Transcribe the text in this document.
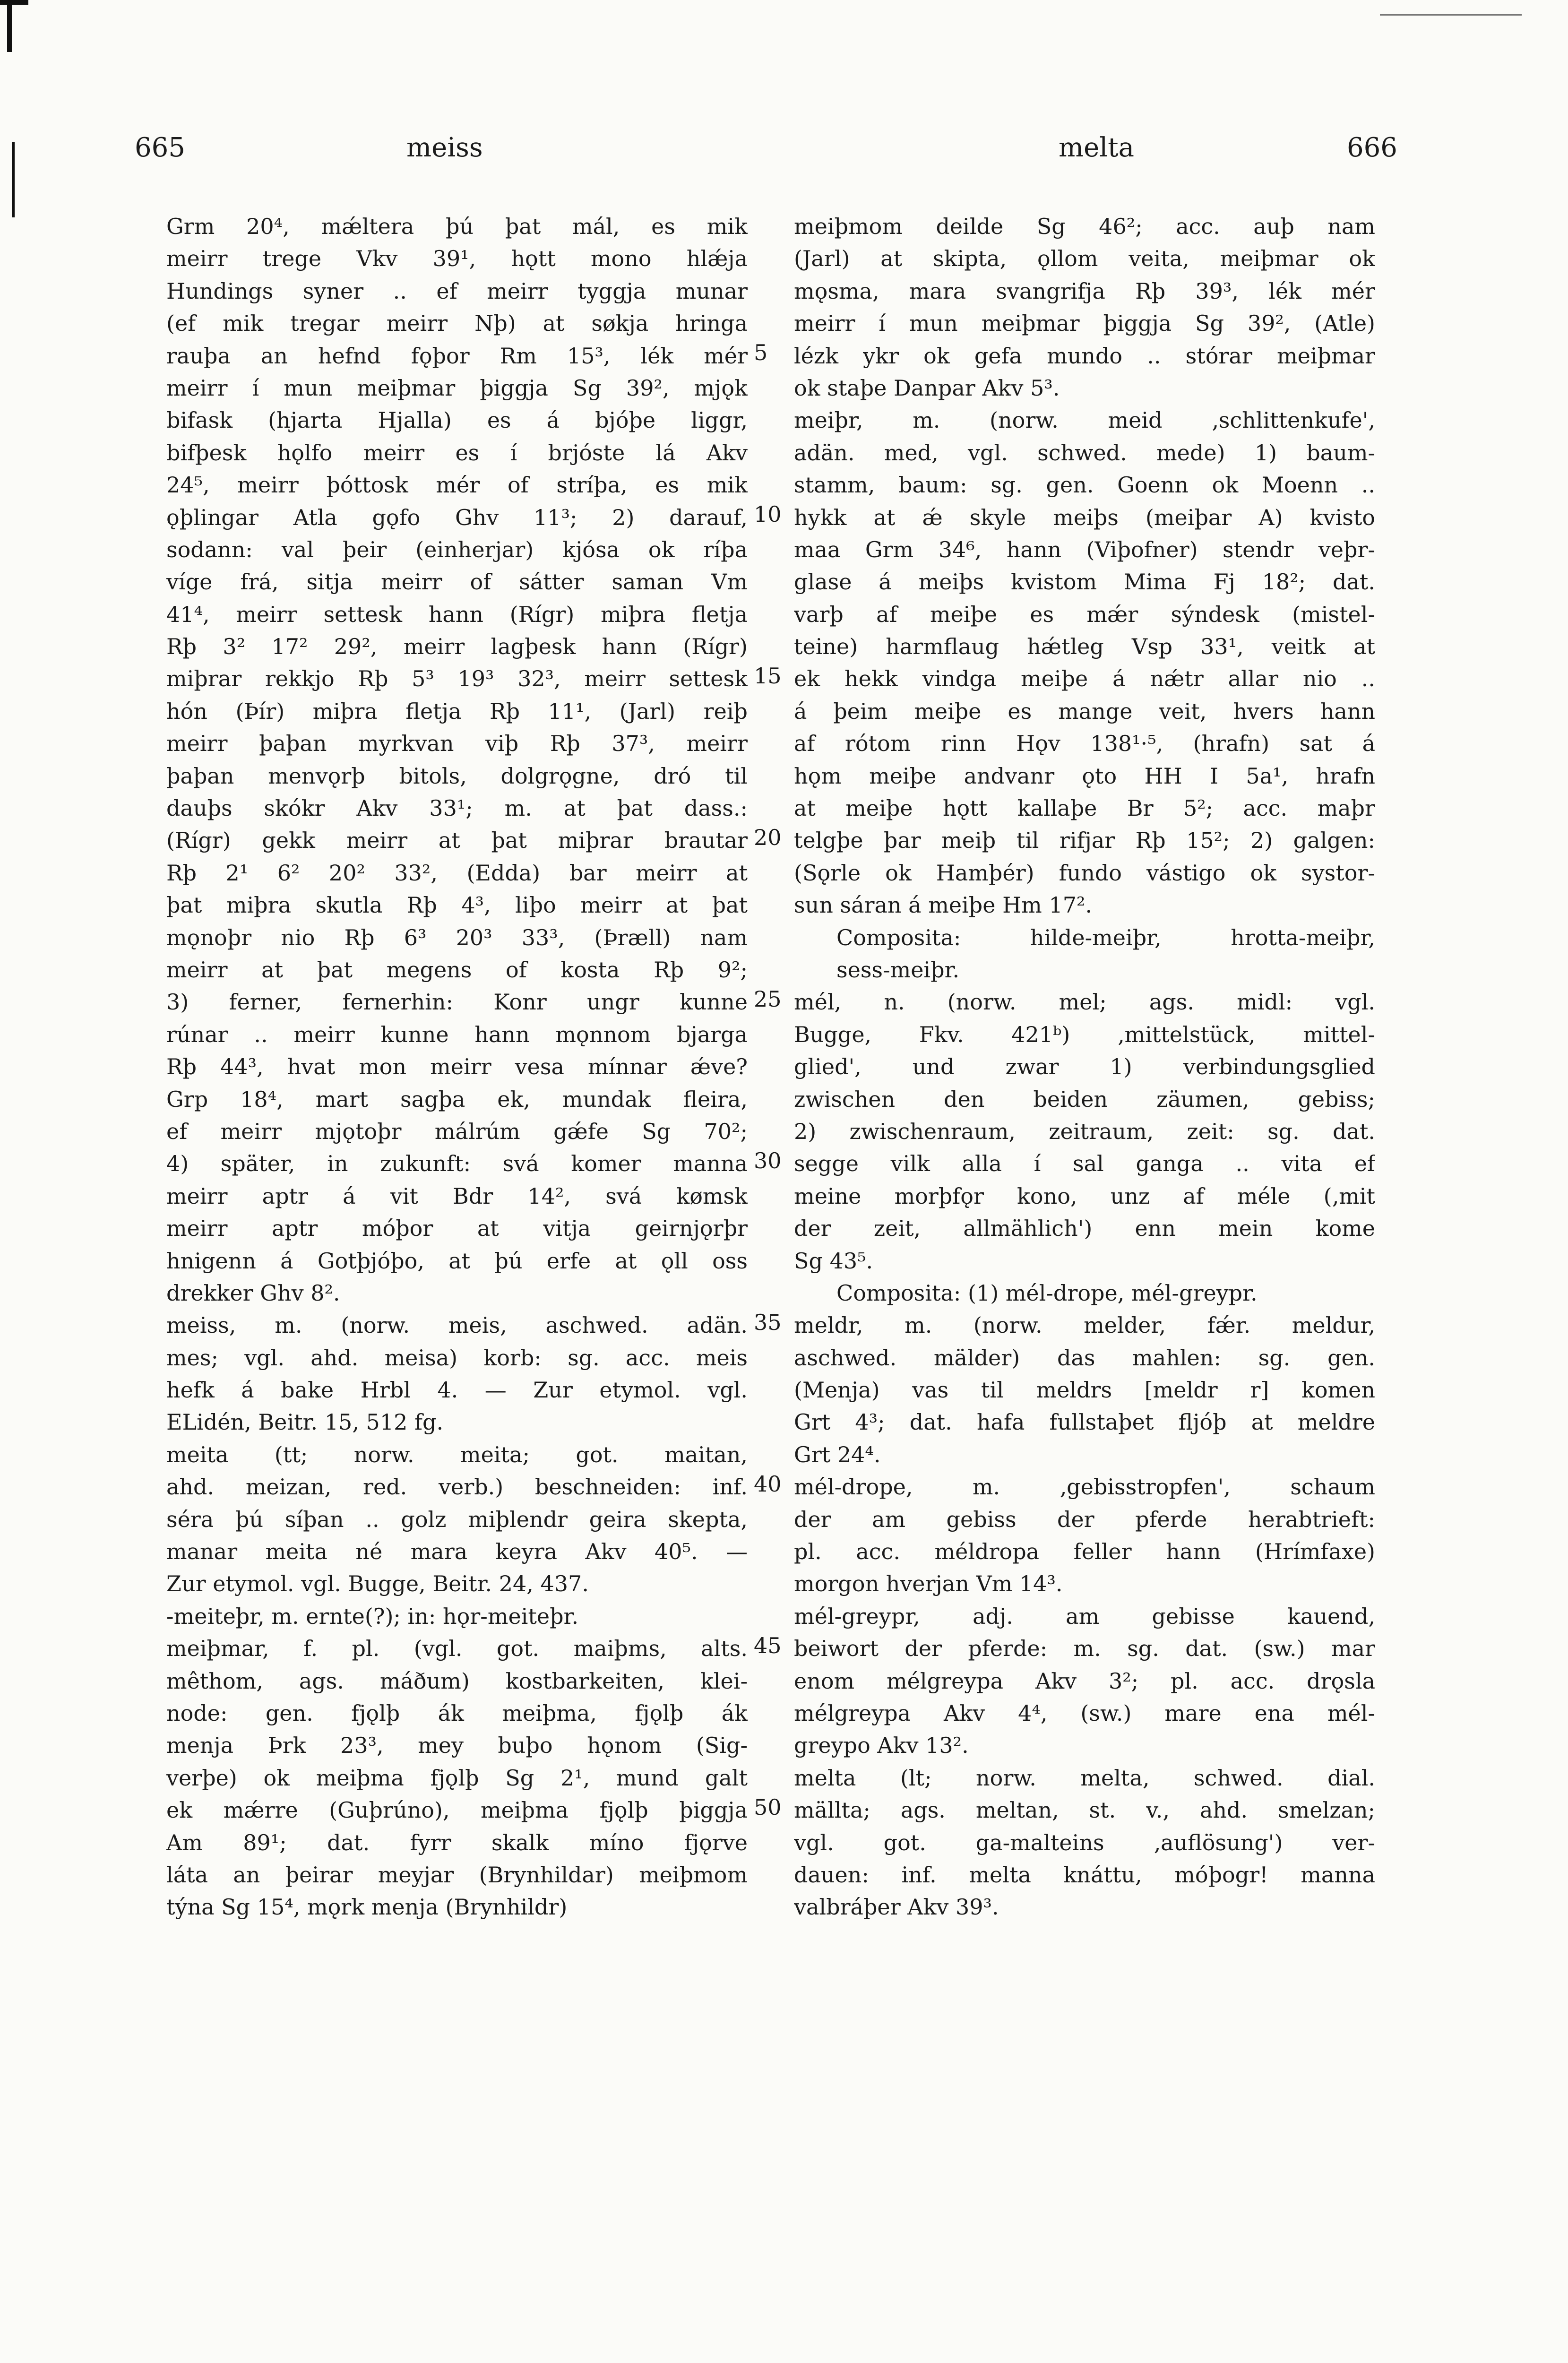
665	meiss	melta	666
Grm 20⁴, mǽltera þú þat mál, es mik
meirr trege Vkv 39¹, hǫtt mono hlǽja
Hundings syner .. ef meirr tyggja munar
(ef mik tregar meirr Nþ) at søkja hringa
rauþa an hefnd fǫþor Rm 15³, lék mér
meirr í mun meiþmar þiggja Sg 39², mjǫk
bifask (hjarta Hjalla) es á bjóþe liggr,
bifþesk hǫlfo meirr es í brjóste lá Akv
24⁵, meirr þóttosk mér of stríþa, es mik
ǫþlingar Atla gǫfo Ghv 11³; 2) darauf,
sodann: val þeir (einherjar) kjósa ok ríþa
víge frá, sitja meirr of sátter saman Vm
41⁴, meirr settesk hann (Rígr) miþra fletja
Rþ 3² 17² 29², meirr lagþesk hann (Rígr)
miþrar rekkjo Rþ 5³ 19³ 32³, meirr settesk
hón (Þír) miþra fletja Rþ 11¹, (Jarl) reiþ
meirr þaþan myrkvan viþ Rþ 37³, meirr
þaþan menvǫrþ bitols, dolgrǫgne, dró til
dauþs skókr Akv 33¹; m. at þat dass.:
(Rígr) gekk meirr at þat miþrar brautar
Rþ 2¹ 6² 20² 33², (Edda) bar meirr at
þat miþra skutla Rþ 4³, liþo meirr at þat
mǫnoþr nio Rþ 6³ 20³ 33³, (Þræll) nam
meirr at þat megens of kosta Rþ 9²;
3) ferner, fernerhin: Konr ungr kunne
rúnar .. meirr kunne hann mǫnnom bjarga
Rþ 44³, hvat mon meirr vesa mínnar ǽve?
Grp 18⁴, mart sagþa ek, mundak fleira,
ef meirr mjǫtoþr málrúm gǽfe Sg 70²;
4) später, in zukunft: svá komer manna
meirr aptr á vit Bdr 14², svá kømsk
meirr aptr móþor at vitja geirnjǫrþr
hnigenn á Gotþjóþo, at þú erfe at ǫll oss
drekker Ghv 8².
meiss, m. (norw. meis, aschwed. adän.
mes; vgl. ahd. meisa) korb: sg. acc. meis
hefk á bake Hrbl 4. — Zur etymol. vgl.
ELidén, Beitr. 15, 512 fg.
meita (tt; norw. meita; got. maitan,
ahd. meizan, red. verb.) beschneiden: inf.
séra þú síþan .. golz miþlendr geira skepta,
manar meita né mara keyra Akv 40⁵. —
Zur etymol. vgl. Bugge, Beitr. 24, 437.
-meiteþr, m. ernte(?); in: hǫr-meiteþr.
meiþmar, f. pl. (vgl. got. maiþms, alts.
mêthom, ags. máðum) kostbarkeiten, klei-
node: gen. fjǫlþ ák meiþma, fjǫlþ ák
menja Þrk 23³, mey buþo hǫnom (Sig-
verþe) ok meiþma fjǫlþ Sg 2¹, mund galt
ek mǽrre (Guþrúno), meiþma fjǫlþ þiggja
Am 89¹; dat. fyrr skalk míno fjǫrve
láta an þeirar meyjar (Brynhildar) meiþmom
týna Sg 15⁴, mǫrk menja (Brynhildr)
meiþmom deilde Sg 46²; acc. auþ nam
(Jarl) at skipta, ǫllom veita, meiþmar ok
mǫsma, mara svangrifja Rþ 39³, lék mér
meirr í mun meiþmar þiggja Sg 39², (Atle)
lézk ykr ok gefa mundo .. stórar meiþmar
ok staþe Danpar Akv 5³.
meiþr, m. (norw. meid ‚schlittenkufe',
adän. med, vgl. schwed. mede) 1) baum-
stamm, baum: sg. gen. Goenn ok Moenn ..
hykk at ǽ skyle meiþs (meiþar A) kvisto
maa Grm 34⁶, hann (Viþofner) stendr veþr-
glase á meiþs kvistom Mima Fj 18²; dat.
varþ af meiþe es mǽr sýndesk (mistel-
teine) harmflaug hǽtleg Vsp 33¹, veitk at
ek hekk vindga meiþe á nǽtr allar nio ..
á þeim meiþe es mange veit, hvers hann
af rótom rinn Hǫv 138¹·⁵, (hrafn) sat á
hǫm meiþe andvanr ǫto HH I 5a¹, hrafn
at meiþe hǫtt kallaþe Br 5²; acc. maþr
telgþe þar meiþ til rifjar Rþ 15²; 2) galgen:
(Sǫrle ok Hamþér) fundo vástigo ok systor-
sun sáran á meiþe Hm 17².
Composita: hilde-meiþr, hrotta-meiþr,
sess-meiþr.
mél, n. (norw. mel; ags. midl: vgl.
Bugge, Fkv. 421ᵇ) ‚mittelstück, mittel-
glied', und zwar 1) verbindungsglied
zwischen den beiden zäumen, gebiss;
2) zwischenraum, zeitraum, zeit: sg. dat.
segge vilk alla í sal ganga .. vita ef
meine morþfǫr kono, unz af méle (‚mit
der zeit, allmählich') enn mein kome
Sg 43⁵.
Composita: (1) mél-drope, mél-greypr.
meldr, m. (norw. melder, fǽr. meldur,
aschwed. mälder) das mahlen: sg. gen.
(Menja) vas til meldrs [meldr r] komen
Grt 4³; dat. hafa fullstaþet fljóþ at meldre
Grt 24⁴.
mél-drope, m. ‚gebisstropfen', schaum
der am gebiss der pferde herabtrieft:
pl. acc. méldropa feller hann (Hrímfaxe)
morgon hverjan Vm 14³.
mél-greypr, adj. am gebisse kauend,
beiwort der pferde: m. sg. dat. (sw.) mar
enom mélgreypa Akv 3²; pl. acc. drǫsla
mélgreypa Akv 4⁴, (sw.) mare ena mél-
greypo Akv 13².
melta (lt; norw. melta, schwed. dial.
mällta; ags. meltan, st. v., ahd. smelzan;
vgl. got. ga-malteins ‚auflösung') ver-
dauen: inf. melta knáttu, móþogr! manna
valbráþer Akv 39³.
5
10
15
20
25
30
35
40
45
50
